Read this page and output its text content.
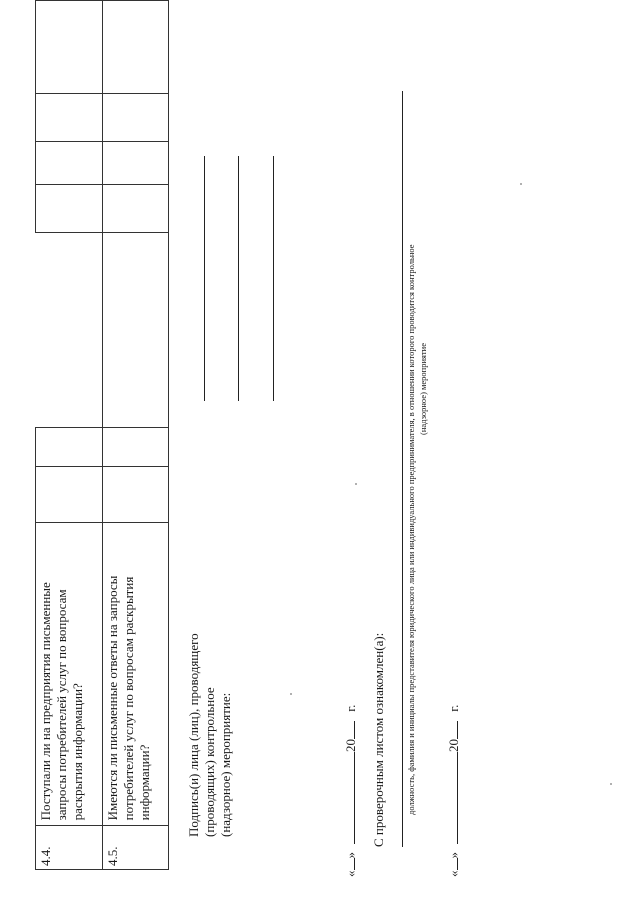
4.4.	Поступали ли на предприятия письменные
запросы потребителей услуг по вопросам
раскрытия информации?							
4.5.	Имеются ли письменные ответы на запросы
потребителей услуг по вопросам раскрытия
информации?								Подпись(и) лица (лиц), проводящего
(проводящих) контрольное
(надзорное) мероприятие:
«»20 г. С проверочным листом ознакомлен(а): должность, фамилия и инициалы представителя юридического лица или индивидуального предпринимателя, в отношении которого проводится контрольное (надзорное) мероприятие
«»20 г.
